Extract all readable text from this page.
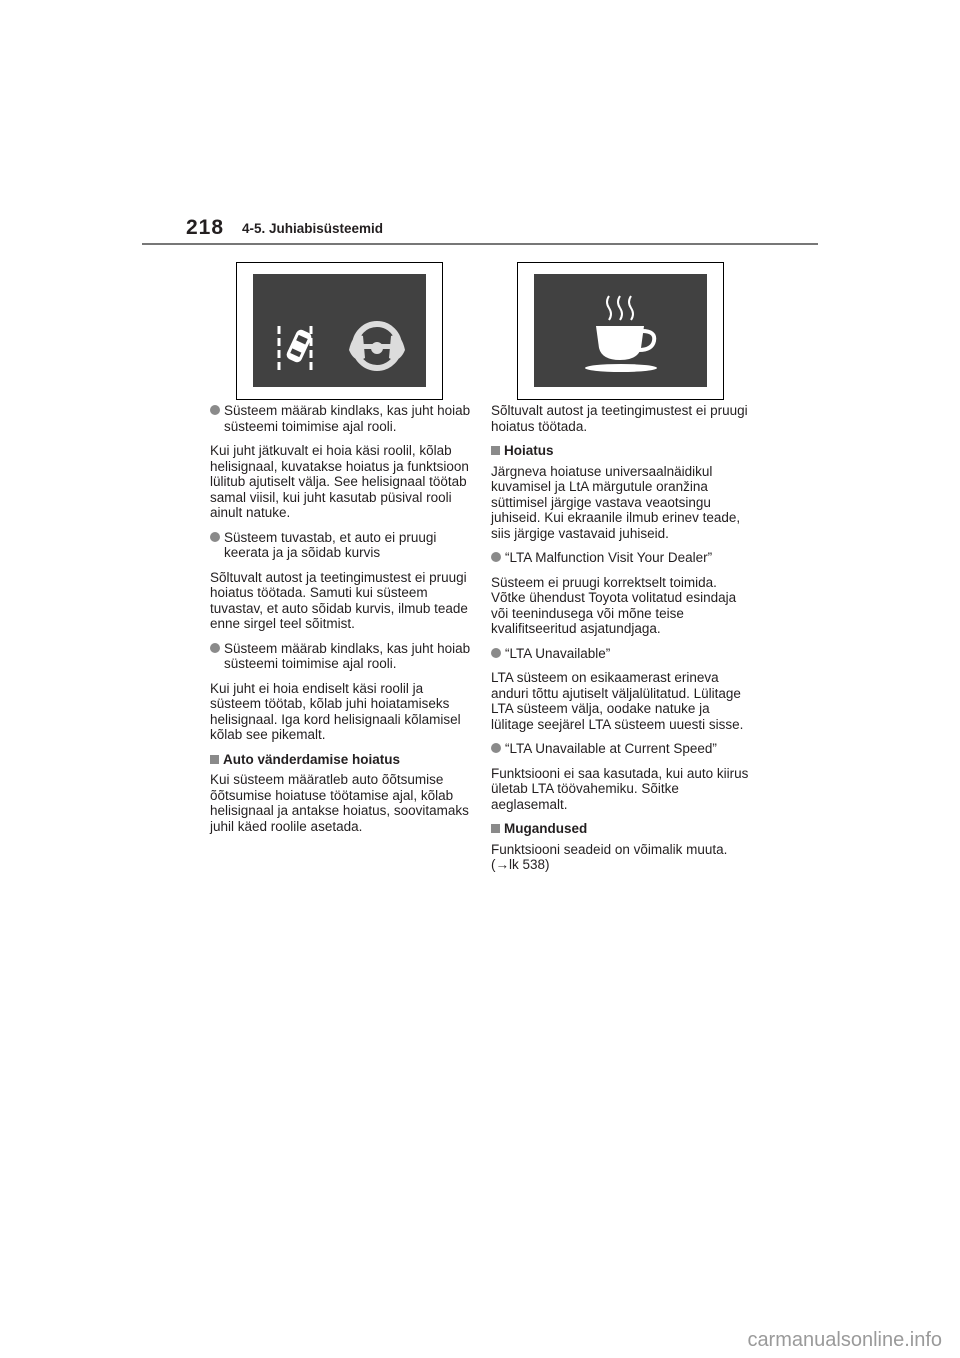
218 4-5. Juhiabisüsteemid
Süsteem määrab kindlaks, kas juht hoiab süsteemi toimimise ajal rooli.

Kui juht jätkuvalt ei hoia käsi roolil, kõlab helisignaal, kuvatakse hoiatus ja funktsioon lülitub ajutiselt välja. See helisignaal töötab samal viisil, kui juht kasutab püsival rooli ainult natuke.

Süsteem tuvastab, et auto ei pruugi keerata ja ja sõidab kurvis

Sõltuvalt autost ja teetingimustest ei pruugi hoiatus töötada. Samuti kui süsteem tuvastav, et auto sõidab kurvis, ilmub teade enne sirgel teel sõitmist.

Süsteem määrab kindlaks, kas juht hoiab süsteemi toimimise ajal rooli.

Kui juht ei hoia endiselt käsi roolil ja süsteem töötab, kõlab juhi hoiatamiseks helisignaal. Iga kord helisignaali kõlamisel kõlab see pikemalt.

Auto vänderdamise hoiatus

Kui süsteem määratleb auto õõtsumise õõtsumise hoiatuse töötamise ajal, kõlab helisignaal ja antakse hoiatus, soovitamaks juhil käed roolile asetada.

Sõltuvalt autost ja teetingimustest ei pruugi hoiatus töötada.

Hoiatus

Järgneva hoiatuse universaalnäidikul kuvamisel ja LtA märgutule oranžina süttimisel järgige vastava veaotsingu juhiseid. Kui ekraanile ilmub erinev teade, siis järgige vastavaid juhiseid.

“LTA Malfunction Visit Your Dealer”

Süsteem ei pruugi korrektselt toimida. Võtke ühendust Toyota volitatud esindaja või teenindusega või mõne teise kvalifitseeritud asjatundjaga.

“LTA Unavailable”

LTA süsteem on esikaamerast erineva anduri tõttu ajutiselt väljalülitatud. Lülitage LTA süsteem välja, oodake natuke ja lülitage seejärel LTA süsteem uuesti sisse.

“LTA Unavailable at Current Speed”

Funktsiooni ei saa kasutada, kui auto kiirus ületab LTA töövahemiku. Sõitke aeglasemalt.

Mugandused

Funktsiooni seadeid on võimalik muuta.
(→lk 538)

carmanualsonline.info
